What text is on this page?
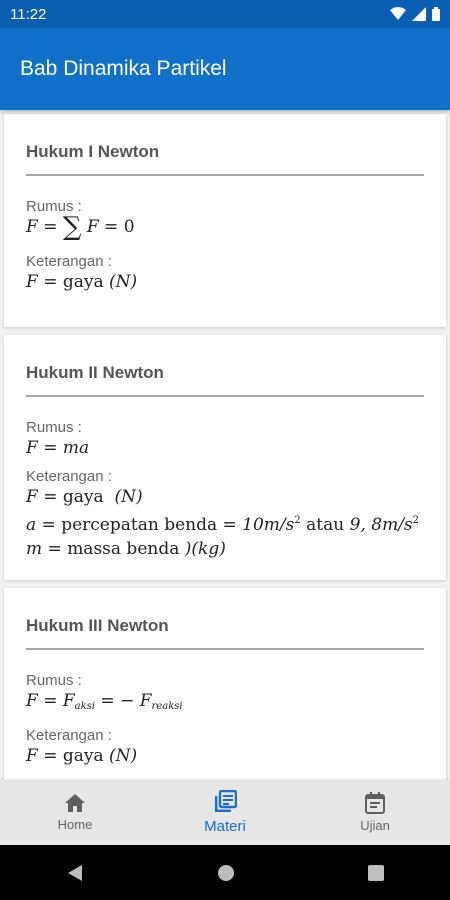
11:22
Bab Dinamika Partikel
Hukum I Newton
Rumus :
F = ∑ F = 0
Keterangan :
F = gaya (N)
Hukum II Newton
Rumus :
F = ma
Keterangan :
F = gaya (N)
a = percepatan benda = $10m/s^2$ atau 9, $8m/s^2$
m = massa benda )(kg)
Hukum III Newton
Rumus :
$F = F_{aksi}$ = − $F_{reaksi}$
Keterangan :
F = gaya (N)
Home	Materi	Ujian
